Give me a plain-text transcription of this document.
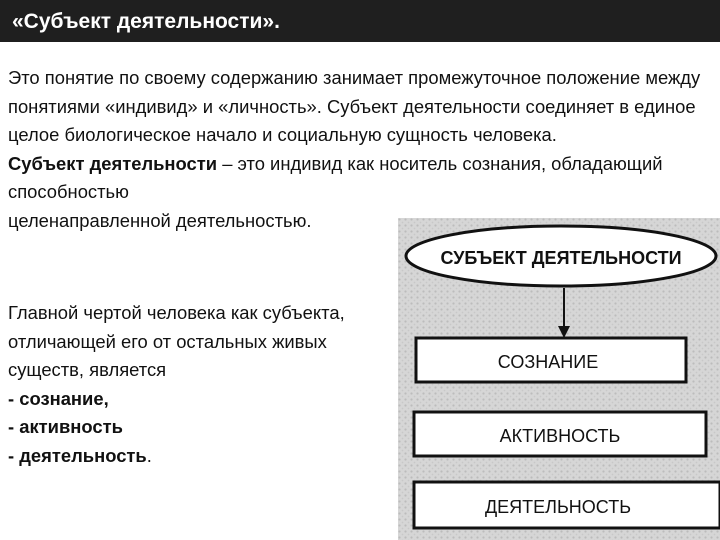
«Субъект деятельности».

Это понятие по своему содержанию занимает промежуточное положение между понятиями «индивид» и «личность». Субъект деятельности соединяет в единое целое биологическое начало и социальную сущность человека.
Субъект деятельности – это индивид как носитель сознания, обладающий способностью
целенаправленной деятельностью.

Главной чертой человека как субъекта, отличающей его от остальных живых существ, является
- сознание,
- активность
- деятельность.

СУБЪЕКТ ДЕЯТЕЛЬНОСТИ
СОЗНАНИЕ
АКТИВНОСТЬ
ДЕЯТЕЛЬНОСТЬ
